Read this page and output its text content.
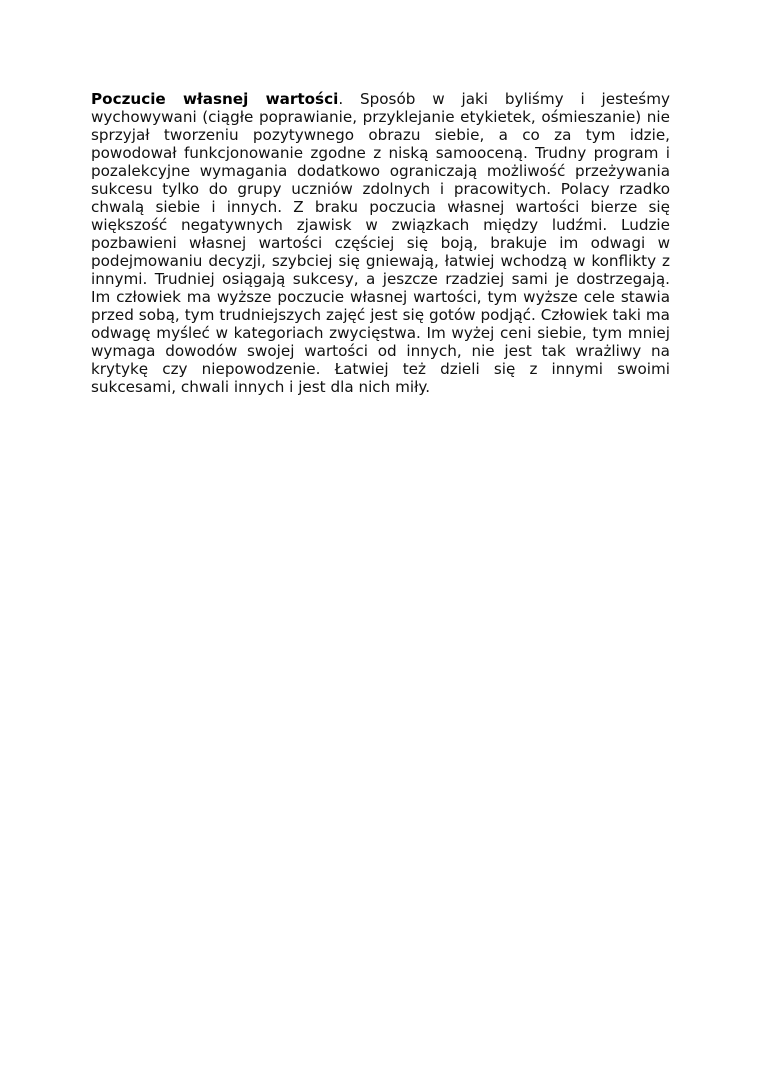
Poczucie własnej wartości. Sposób w jaki byliśmy i jesteśmy wychowywani (ciągłe poprawianie, przyklejanie etykietek, ośmieszanie) nie sprzyjał tworzeniu pozytywnego obrazu siebie, a co za tym idzie, powodował funkcjonowanie zgodne z niską samooceną. Trudny program i pozalekcyjne wymagania dodatkowo ograniczają możliwość przeżywania sukcesu tylko do grupy uczniów zdolnych i pracowitych. Polacy rzadko chwalą siebie i innych. Z braku poczucia własnej wartości bierze się większość negatywnych zjawisk w związkach między ludźmi. Ludzie pozbawieni własnej wartości częściej się boją, brakuje im odwagi w podejmowaniu decyzji, szybciej się gniewają, łatwiej wchodzą w konflikty z innymi. Trudniej osiągają sukcesy, a jeszcze rzadziej sami je dostrzegają. Im człowiek ma wyższe poczucie własnej wartości, tym wyższe cele stawia przed sobą, tym trudniejszych zajęć jest się gotów podjąć. Człowiek taki ma odwagę myśleć w kategoriach zwycięstwa. Im wyżej ceni siebie, tym mniej wymaga dowodów swojej wartości od innych, nie jest tak wrażliwy na krytykę czy niepowodzenie. Łatwiej też dzieli się z innymi swoimi sukcesami, chwali innych i jest dla nich miły.
